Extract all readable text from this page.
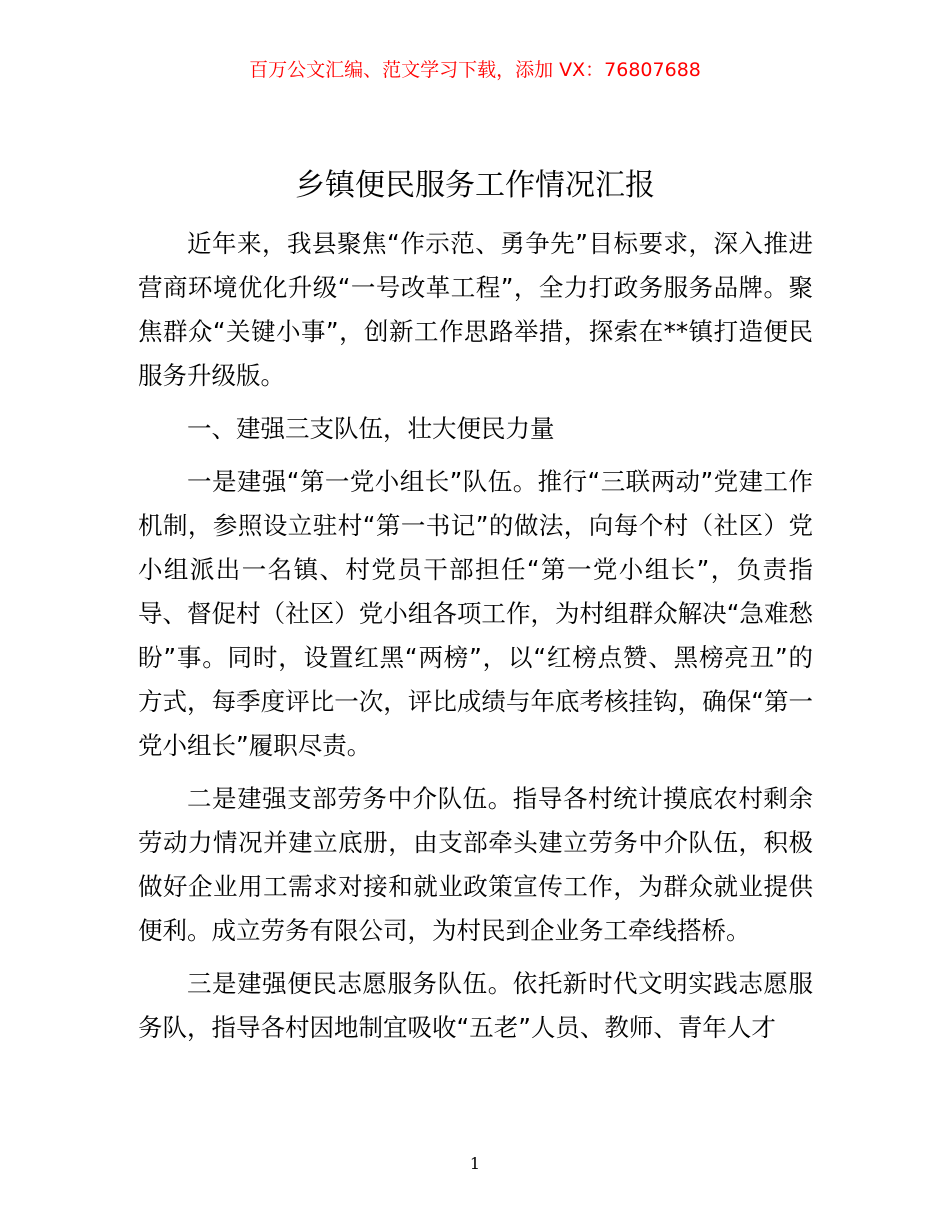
百万公文汇编、范文学习下载，添加 VX：76807688
乡镇便民服务工作情况汇报

近年来，我县聚焦“作示范、勇争先”目标要求，深入推进营商环境优化升级“一号改革工程”，全力打政务服务品牌。聚焦群众“关键小事”，创新工作思路举措，探索在**镇打造便民服务升级版。

一、建强三支队伍，壮大便民力量

一是建强“第一党小组长”队伍。推行“三联两动”党建工作机制，参照设立驻村“第一书记”的做法，向每个村（社区）党小组派出一名镇、村党员干部担任“第一党小组长”，负责指导、督促村（社区）党小组各项工作，为村组群众解决“急难愁盼”事。同时，设置红黑“两榜”，以“红榜点赞、黑榜亮丑”的方式，每季度评比一次，评比成绩与年底考核挂钩，确保“第一党小组长”履职尽责。

二是建强支部劳务中介队伍。指导各村统计摸底农村剩余劳动力情况并建立底册，由支部牵头建立劳务中介队伍，积极做好企业用工需求对接和就业政策宣传工作，为群众就业提供便利。成立劳务有限公司，为村民到企业务工牵线搭桥。

三是建强便民志愿服务队伍。依托新时代文明实践志愿服务队，指导各村因地制宜吸收“五老”人员、教师、青年人才

1
